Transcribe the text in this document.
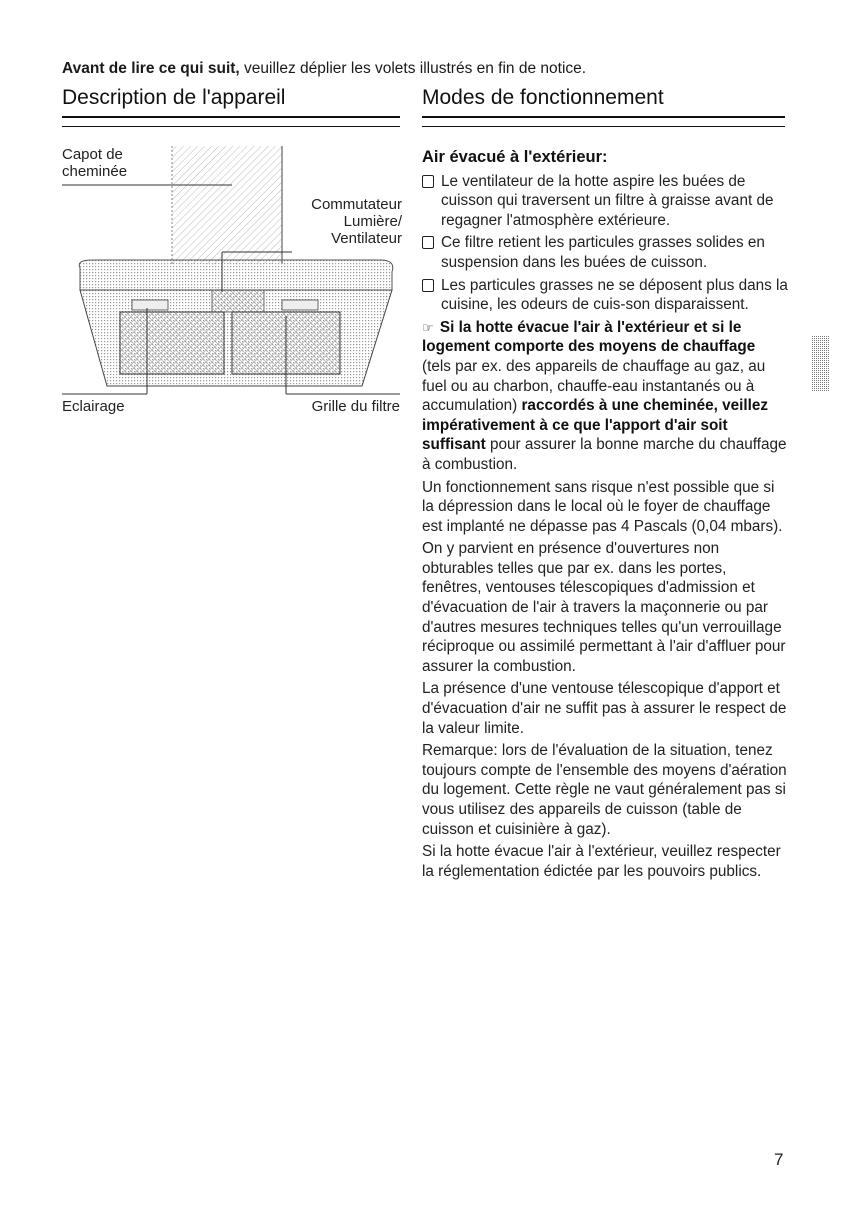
Avant de lire ce qui suit, veuillez déplier les volets illustrés en fin de notice.
Description de l'appareil	Modes de fonctionnement
Capot de
cheminée
Commutateur
Lumière/
Ventilateur
Eclairage	Grille du filtre
Air évacué à l'extérieur:
Le ventilateur de la hotte aspire les buées de cuisson qui traversent un filtre à graisse avant de regagner l'atmosphère extérieure.
Ce filtre retient les particules grasses solides en suspension dans les buées de cuisson.
Les particules grasses ne se déposent plus dans la cuisine, les odeurs de cuis-son disparaissent.
☞ Si la hotte évacue l'air à l'extérieur et si le logement comporte des moyens de chauffage (tels par ex. des appareils de chauffage au gaz, au fuel ou au charbon, chauffe-eau instantanés ou à accumulation) raccordés à une cheminée, veillez impérativement à ce que l'apport d'air soit suffisant pour assurer la bonne marche du chauffage à combustion.
Un fonctionnement sans risque n'est possible que si la dépression dans le local où le foyer de chauffage est implanté ne dépasse pas 4 Pascals (0,04 mbars).
On y parvient en présence d'ouvertures non obturables telles que par ex. dans les portes, fenêtres, ventouses télescopiques d'admission et d'évacuation de l'air à travers la maçonnerie ou par d'autres mesures techniques telles qu'un verrouillage réciproque ou assimilé permettant à l'air d'affluer pour assurer la combustion.
La présence d'une ventouse télescopique d'apport et d'évacuation d'air ne suffit pas à assurer le respect de la valeur limite.
Remarque: lors de l'évaluation de la situation, tenez toujours compte de l'ensemble des moyens d'aération du logement. Cette règle ne vaut généralement pas si vous utilisez des appareils de cuisson (table de cuisson et cuisinière à gaz).
Si la hotte évacue l'air à l'extérieur, veuillez respecter la réglementation édictée par les pouvoirs publics.
7
